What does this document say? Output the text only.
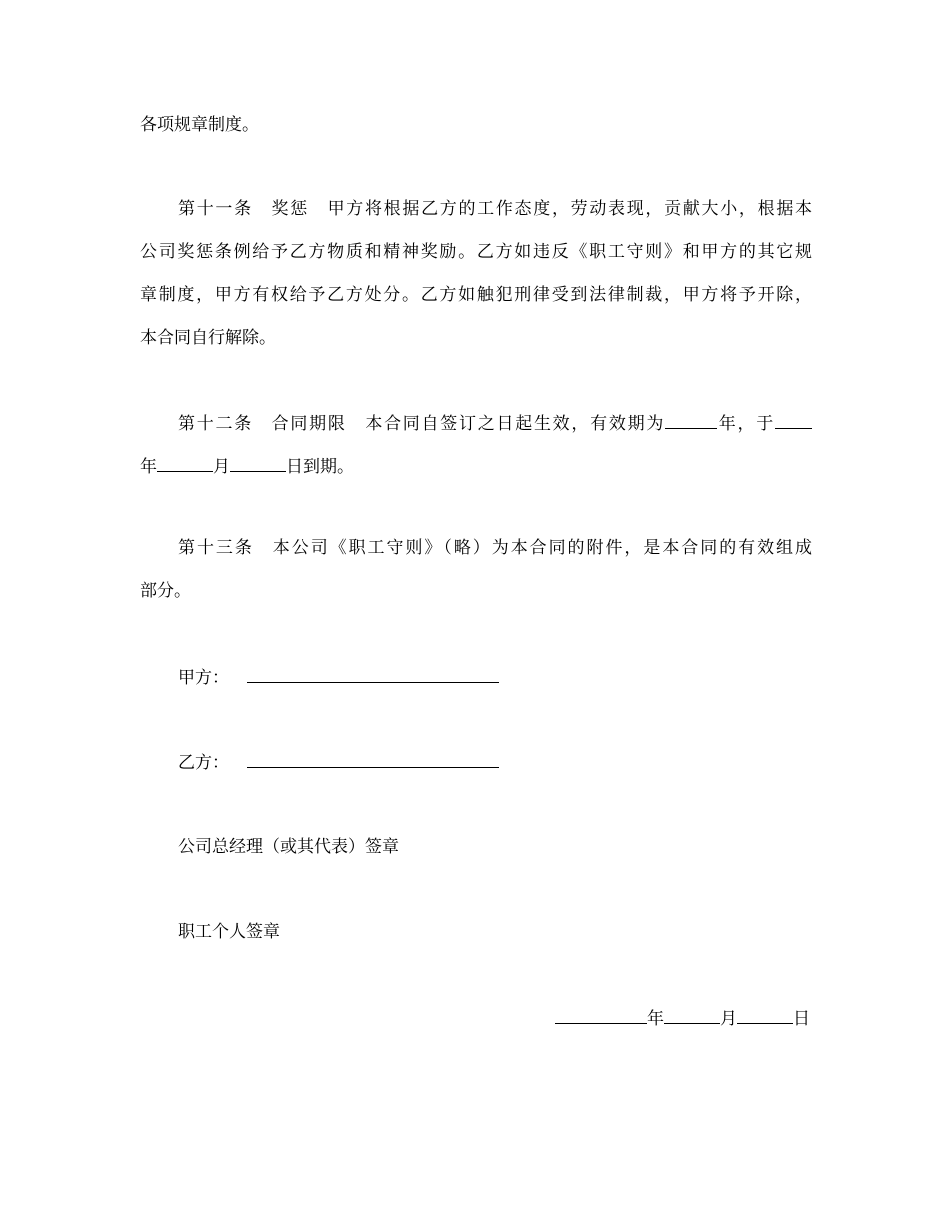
各项规章制度。
第十一条 奖惩 甲方将根据乙方的工作态度，劳动表现，贡献大小，根据本
公司奖惩条例给予乙方物质和精神奖励。乙方如违反《职工守则》和甲方的其它规
章制度，甲方有权给予乙方处分。乙方如触犯刑律受到法律制裁，甲方将予开除，
本合同自行解除。
第十二条 合同期限 本合同自签订之日起生效，有效期为	年，于
年	月	日到期。
第十三条 本公司《职工守则》（略）为本合同的附件，是本合同的有效组成
部分。
甲方：
乙方：
公司总经理（或其代表）签章
职工个人签章
年	月	日
